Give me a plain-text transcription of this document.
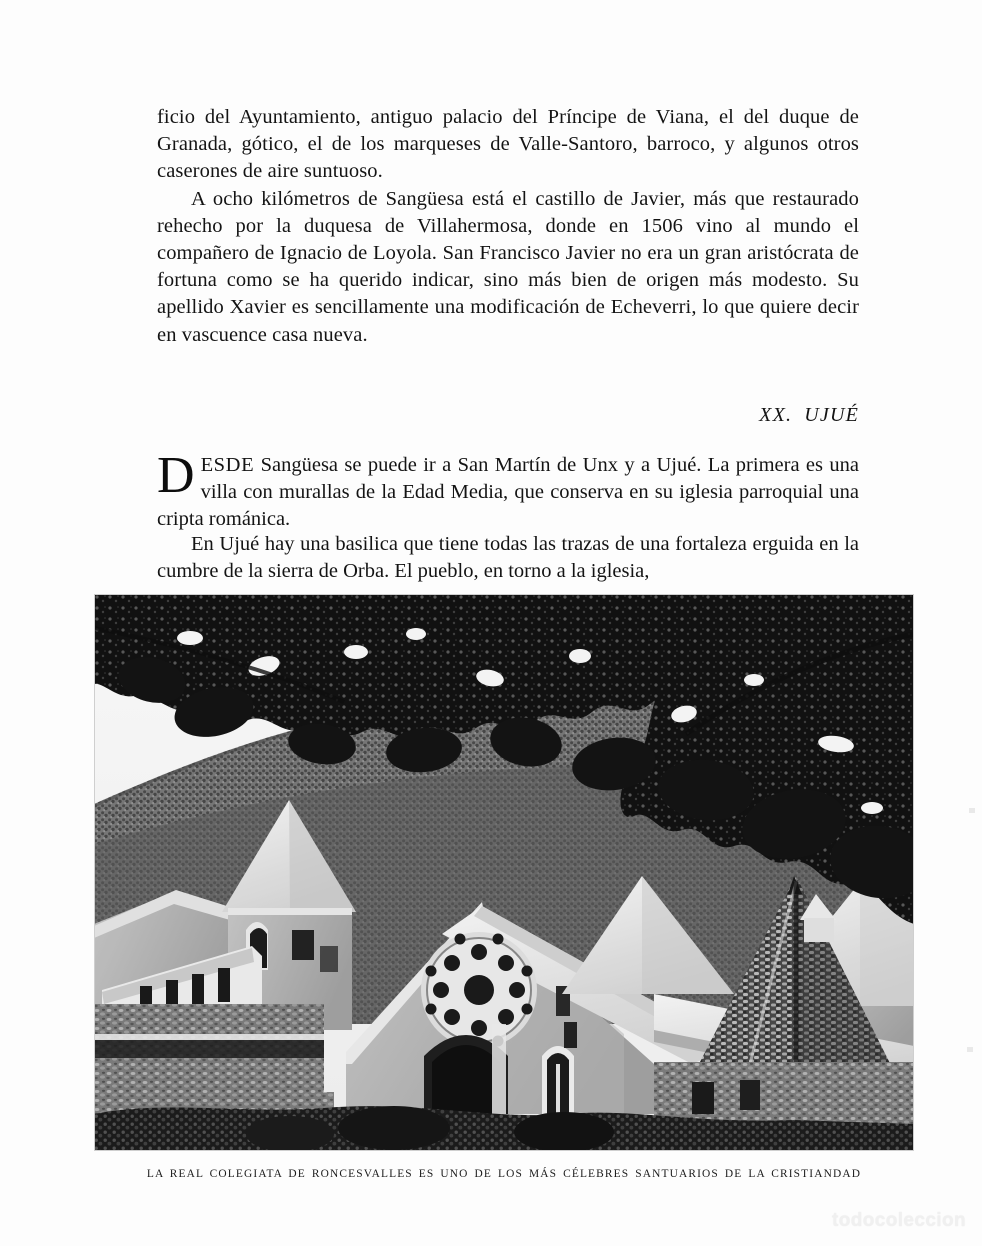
ficio del Ayuntamiento, antiguo palacio del Príncipe de Viana, el del duque de Granada, gótico, el de los marqueses de Valle-Santoro, barroco, y algunos otros caserones de aire suntuoso.

A ocho kilómetros de Sangüesa está el castillo de Javier, más que restaurado rehecho por la duquesa de Villahermosa, donde en 1506 vino al mundo el compañero de Ignacio de Loyola. San Francisco Javier no era un gran aristócrata de fortuna como se ha querido indicar, sino más bien de origen más modesto. Su apellido Xavier es sencillamente una modificación de Echeverri, lo que quiere decir en vascuence casa nueva.

XX. UJUÉ
DESDE Sangüesa se puede ir a San Martín de Unx y a Ujué. La primera es una villa con murallas de la Edad Media, que conserva en su iglesia parroquial una cripta románica.
En Ujué hay una basilica que tiene todas las trazas de una fortaleza erguida en la cumbre de la sierra de Orba. El pueblo, en torno a la iglesia,
LA REAL COLEGIATA DE RONCESVALLES ES UNO DE LOS MÁS CÉLEBRES SANTUARIOS DE LA CRISTIANDAD
todocoleccion
